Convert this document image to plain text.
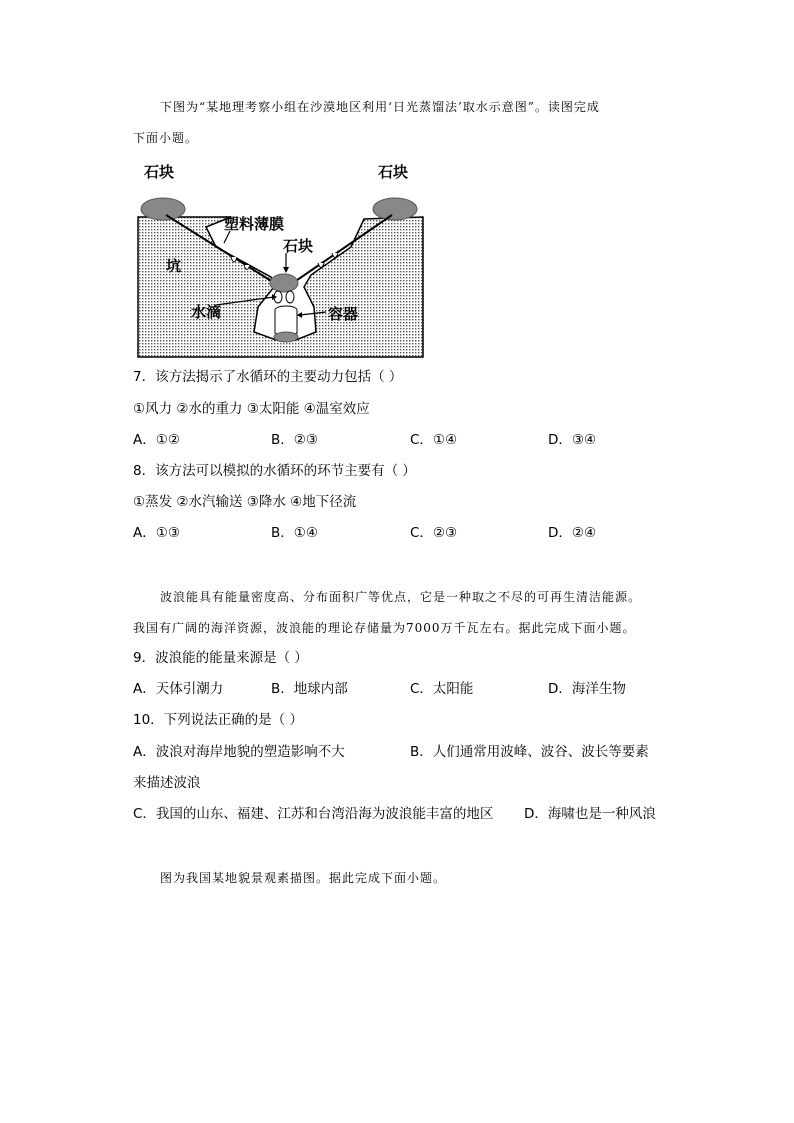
下图为“某地理考察小组在沙漠地区利用‘日光蒸馏法’取水示意图”。读图完成
下面小题。
石块	石块
塑料薄膜
石块
坑
水滴	容器
7．该方法揭示了水循环的主要动力包括（ ）
①风力 ②水的重力 ③太阳能 ④温室效应
A．①②	B．②③	C．①④	D．③④
8．该方法可以模拟的水循环的环节主要有（ ）
①蒸发 ②水汽输送 ③降水 ④地下径流
A．①③	B．①④	C．②③	D．②④
波浪能具有能量密度高、分布面积广等优点，它是一种取之不尽的可再生清洁能源。
我国有广阔的海洋资源，波浪能的理论存储量为7000万千瓦左右。据此完成下面小题。
9．波浪能的能量来源是（ ）
A．天体引潮力	B．地球内部	C．太阳能	D．海洋生物
10．下列说法正确的是（ ）
A．波浪对海岸地貌的塑造影响不大	B．人们通常用波峰、波谷、波长等要素
来描述波浪
C．我国的山东、福建、江苏和台湾沿海为波浪能丰富的地区 D．海啸也是一种风浪
图为我国某地貌景观素描图。据此完成下面小题。
